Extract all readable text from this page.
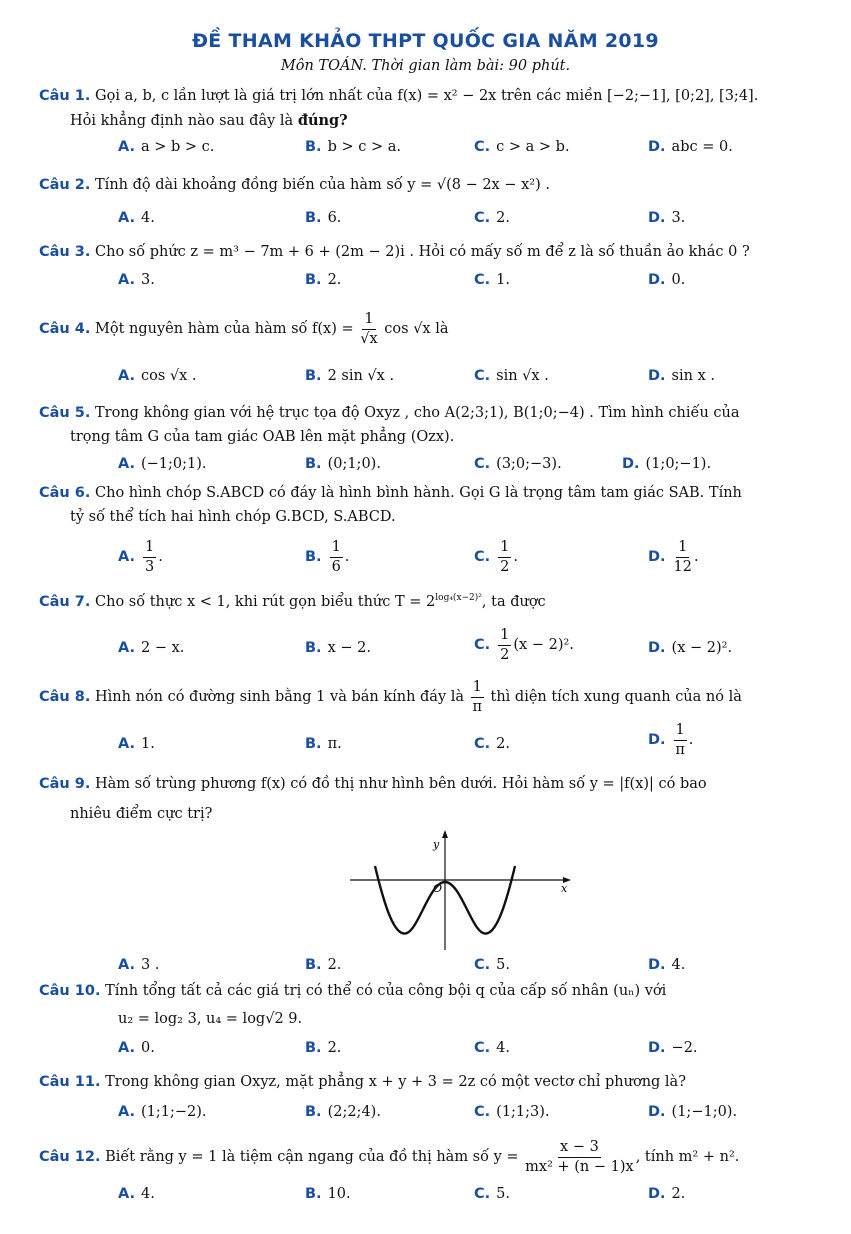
ĐỀ THAM KHẢO THPT QUỐC GIA NĂM 2019
Môn TOÁN. Thời gian làm bài: 90 phút.
Câu 1. Gọi a, b, c lần lượt là giá trị lớn nhất của f(x) = x² − 2x trên các miền [−2;−1], [0;2], [3;4].
Hỏi khẳng định nào sau đây là đúng?
A. a > b > c.	B. b > c > a.	C. c > a > b.	D. abc = 0.
Câu 2. Tính độ dài khoảng đồng biến của hàm số y = √(8 − 2x − x²) .
A. 4.	B. 6.	C. 2.	D. 3.
Câu 3. Cho số phức z = m³ − 7m + 6 + (2m − 2)i . Hỏi có mấy số m để z là số thuần ảo khác 0 ?
A. 3.	B. 2.	C. 1.	D. 0.
Câu 4. Một nguyên hàm của hàm số $f(x) = \frac{1}{√x}$ cos √x là
A. cos √x .	B. 2 sin √x .	C. sin √x .	D. sin x .
Câu 5. Trong không gian với hệ trục tọa độ Oxyz , cho A(2;3;1), B(1;0;−4) . Tìm hình chiếu của
trọng tâm G của tam giác OAB lên mặt phẳng (Ozx).
A. (−1;0;1).	B. (0;1;0).	C. (3;0;−3).	D. (1;0;−1).
Câu 6. Cho hình chóp S.ABCD có đáy là hình bình hành. Gọi G là trọng tâm tam giác SAB. Tính
tỷ số thể tích hai hình chóp G.BCD, S.ABCD.
A. $\frac{1}{3}$ .	B. $\frac{1}{6}$ .	C. $\frac{1}{2}$ .	D. $\frac{1}{12}$ .
Câu 7. Cho số thực x < 1, khi rút gọn biểu thức $T = 2^{log_4(x-2)^2}$, ta được
A. 2 − x.	B. x − 2.	C. $\frac{1}{2} (x - 2)^2$.	D. (x − 2)².
Câu 8. Hình nón có đường sinh bằng 1 và bán kính đáy là $\frac{1}{\pi}$ thì diện tích xung quanh của nó là
A. 1.	B. π.	C. 2.	D. $\frac{1}{\pi}$ .
Câu 9. Hàm số trùng phương f(x) có đồ thị như hình bên dưới. Hỏi hàm số y = |f(x)| có bao
nhiêu điểm cực trị?
y
O	x
A. 3 .	B. 2.	C. 5.	D. 4.
Câu 10. Tính tổng tất cả các giá trị có thể có của công bội q của cấp số nhân (uₙ) với
u₂ = log₂ 3, u₄ = log√2 9.
A. 0.	B. 2.	C. 4.	D. −2.
Câu 11. Trong không gian Oxyz, mặt phẳng x + y + 3 = 2z có một vectơ chỉ phương là?
A. (1;1;−2).	B. (2;2;4).	C. (1;1;3).	D. (1;−1;0).
Câu 12. Biết rằng y = 1 là tiệm cận ngang của đồ thị hàm số $y = \frac{x - 3}{\text{mx² + (n − 1)x}}$ , tính m² + n².
A. 4.	B. 10.	C. 5.	D. 2.
